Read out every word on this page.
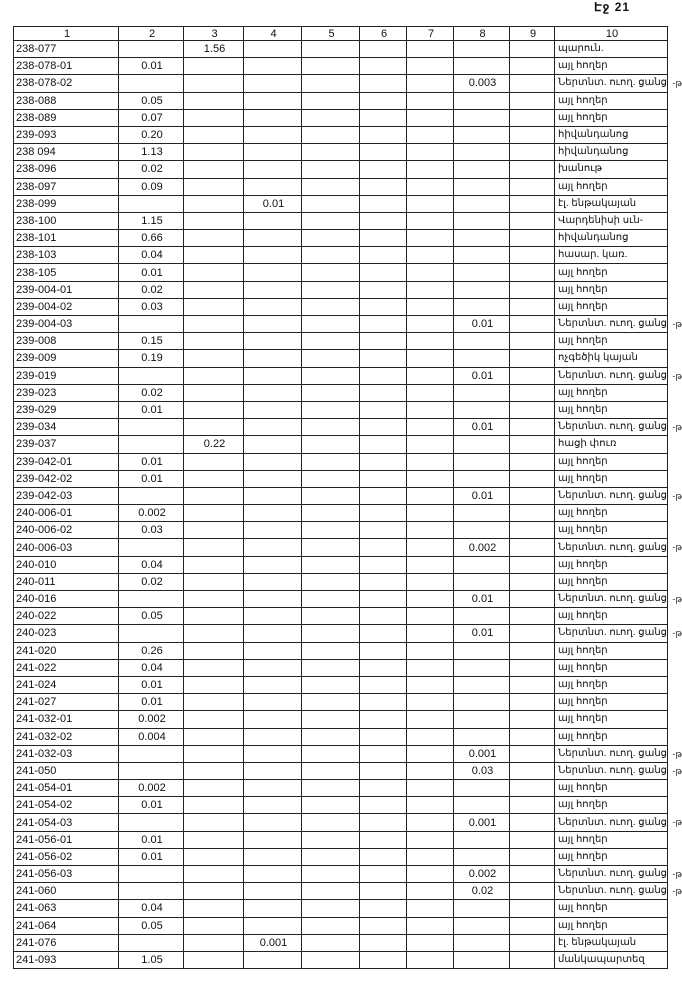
Էջ 21
1	2	3	4	5	6	7	8	9	10
238-077		1.56							պարուն.

238-078-01	0.01								այլ հողեր

238-078-02							0.003		Ներտնտ. ուող. ցանց -թ

238-088	0.05								այլ հողեր

238-089	0.07								այլ հողեր

239-093	0.20								հիվանդանոց

238 094	1.13								հիվանդանոց

238-096	0.02								խանութ

238-097	0.09								այլ հողեր

238-099			0.01						էլ. ենթակայան

238-100	1.15								Վարդենիսի սւն-

238-101	0.66								հիվանդանոց

238-103	0.04								հասար. կառ.

238-105	0.01								այլ հողեր

239-004-01	0.02								այլ հողեր

239-004-02	0.03								այլ հողեր

239-004-03							0.01		Ներտնտ. ուող. ցանց -թ

239-008	0.15								այլ հողեր

239-009	0.19								ոչգեծիկ կայան

239-019							0.01		Ներտնտ. ուող. ցանց -թ

239-023	0.02								այլ հողեր

239-029	0.01								այլ հողեր

239-034							0.01		Ներտնտ. ուող. ցանց -թ

239-037		0.22							հացի փուռ

239-042-01	0.01								այլ հողեր

239-042-02	0.01								այլ հողեր

239-042-03							0.01		Ներտնտ. ուող. ցանց -թ

240-006-01	0.002								այլ հողեր

240-006-02	0.03								այլ հողեր

240-006-03							0.002		Ներտնտ. ուող. ցանց -թ

240-010	0.04								այլ հողեր

240-011	0.02								այլ հողեր

240-016							0.01		Ներտնտ. ուող. ցանց -թ

240-022	0.05								այլ հողեր

240-023							0.01		Ներտնտ. ուող. ցանց -թ

241-020	0.26								այլ հողեր

241-022	0.04								այլ հողեր

241-024	0.01								այլ հողեր

241-027	0.01								այլ հողեր

241-032-01	0.002								այլ հողեր

241-032-02	0.004								այլ հողեր

241-032-03							0.001		Ներտնտ. ուող. ցանց -թ

241-050							0.03		Ներտնտ. ուող. ցանց -թ

241-054-01	0.002								այլ հողեր

241-054-02	0.01								այլ հողեր

241-054-03							0.001		Ներտնտ. ուող. ցանց -թ

241-056-01	0.01								այլ հողեր

241-056-02	0.01								այլ հողեր

241-056-03							0.002		Ներտնտ. ուող. ցանց -թ

241-060							0.02		Ներտնտ. ուող. ցանց -թ

241-063	0.04								այլ հողեր

241-064	0.05								այլ հողեր

241-076			0.001						էլ. ենթակայան

241-093	1.05								մանկապարտեզ
